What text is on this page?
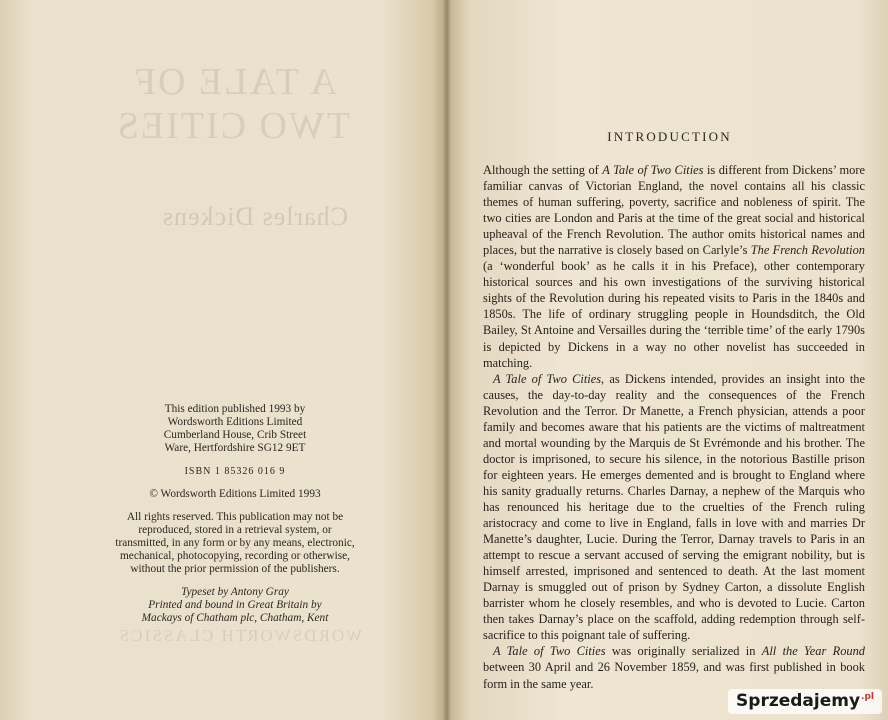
A TALE OF
TWO CITIES
Charles Dickens
WORDSWORTH CLASSICS
This edition published 1993 by
Wordsworth Editions Limited
Cumberland House, Crib Street
Ware, Hertfordshire SG12 9ET
ISBN 1 85326 016 9
© Wordsworth Editions Limited 1993
All rights reserved. This publication may not be
reproduced, stored in a retrieval system, or
transmitted, in any form or by any means, electronic,
mechanical, photocopying, recording or otherwise,
without the prior permission of the publishers.
Typeset by Antony Gray
Printed and bound in Great Britain by
Mackays of Chatham plc, Chatham, Kent
INTRODUCTION

Although the setting of A Tale of Two Cities is different from Dickens’ more familiar canvas of Victorian England, the novel contains all his classic themes of human suffering, poverty, sacrifice and nobleness of spirit. The two cities are London and Paris at the time of the great social and historical upheaval of the French Revolution. The author omits historical names and places, but the narrative is closely based on Carlyle’s The French Revolution (a ‘wonderful book’ as he calls it in his Preface), other contemporary historical sources and his own investigations of the surviving historical sights of the Revolution during his repeated visits to Paris in the 1840s and 1850s. The life of ordinary struggling people in Houndsditch, the Old Bailey, St Antoine and Versailles during the ‘terrible time’ of the early 1790s is depicted by Dickens in a way no other novelist has succeeded in matching.

A Tale of Two Cities, as Dickens intended, provides an insight into the causes, the day-to-day reality and the consequences of the French Revolution and the Terror. Dr Manette, a French physician, attends a poor family and becomes aware that his patients are the victims of maltreatment and mortal wounding by the Marquis de St Evrémonde and his brother. The doctor is imprisoned, to secure his silence, in the notorious Bastille prison for eighteen years. He emerges demented and is brought to England where his sanity gradually returns. Charles Darnay, a nephew of the Marquis who has renounced his heritage due to the cruelties of the French ruling aristocracy and come to live in England, falls in love with and marries Dr Manette’s daughter, Lucie. During the Terror, Darnay travels to Paris in an attempt to rescue a servant accused of serving the emigrant nobility, but is himself arrested, imprisoned and sentenced to death. At the last moment Darnay is smuggled out of prison by Sydney Carton, a dissolute English barrister whom he closely resembles, and who is devoted to Lucie. Carton then takes Darnay’s place on the scaffold, adding redemption through self-sacrifice to this poignant tale of suffering.

A Tale of Two Cities was originally serialized in All the Year Round between 30 April and 26 November 1859, and was first published in book form in the same year.

Sprzedajemy$^{.pl}$
